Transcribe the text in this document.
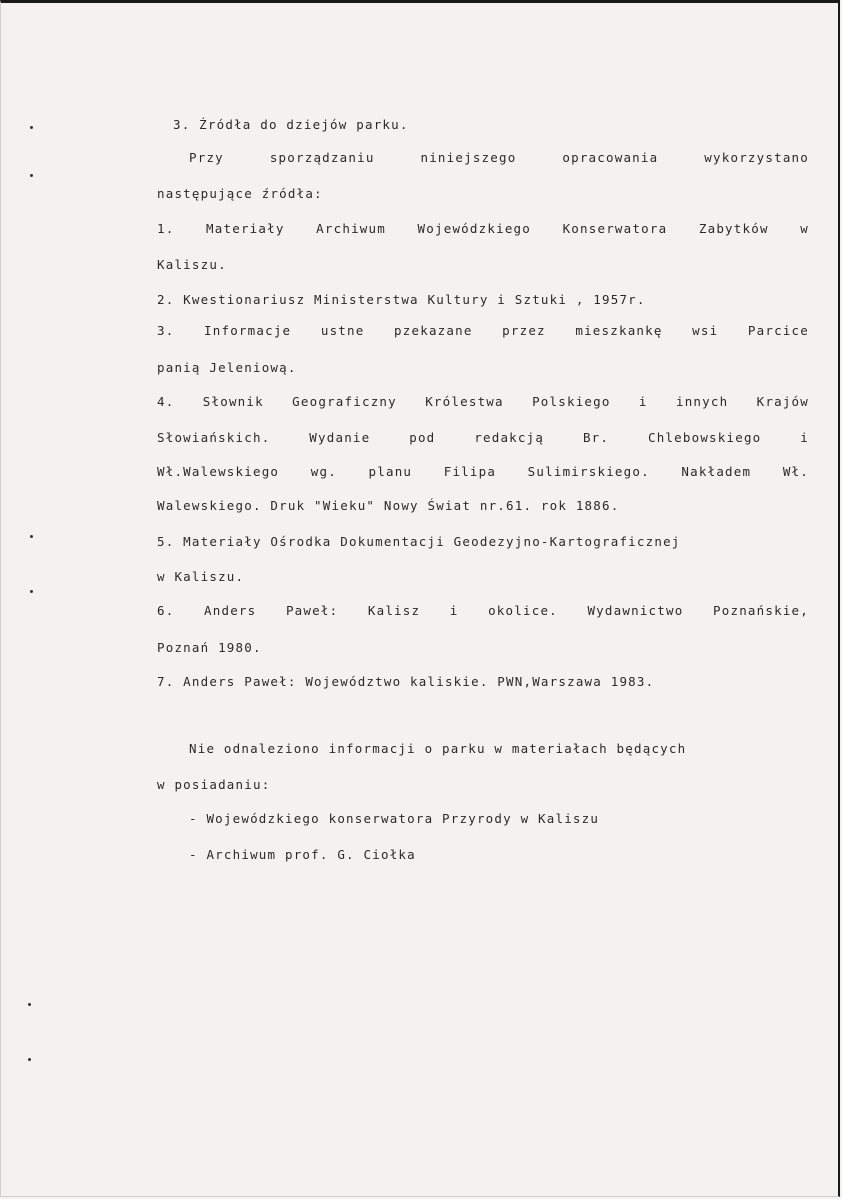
3. Źródła do dziejów parku.
Przy sporządzaniu niniejszego opracowania wykorzystano
następujące źródła:
1. Materiały Archiwum Wojewódzkiego Konserwatora Zabytków w
Kaliszu.
2. Kwestionariusz Ministerstwa Kultury i Sztuki , 1957r.
3. Informacje ustne pzekazane przez mieszkankę wsi Parcice
panią Jeleniową.
4. Słownik Geograficzny Królestwa Polskiego i innych Krajów
Słowiańskich. Wydanie pod redakcją Br. Chlebowskiego i
Wł.Walewskiego wg. planu Filipa Sulimirskiego. Nakładem Wł.
Walewskiego. Druk "Wieku" Nowy Świat nr.61. rok 1886.
5. Materiały Ośrodka Dokumentacji Geodezyjno-Kartograficznej
w Kaliszu.
6. Anders Paweł: Kalisz i okolice. Wydawnictwo Poznańskie,
Poznań 1980.
7. Anders Paweł: Województwo kaliskie. PWN,Warszawa 1983.
Nie odnaleziono informacji o parku w materiałach będących
w posiadaniu:
- Wojewódzkiego konserwatora Przyrody w Kaliszu
- Archiwum prof. G. Ciołka
